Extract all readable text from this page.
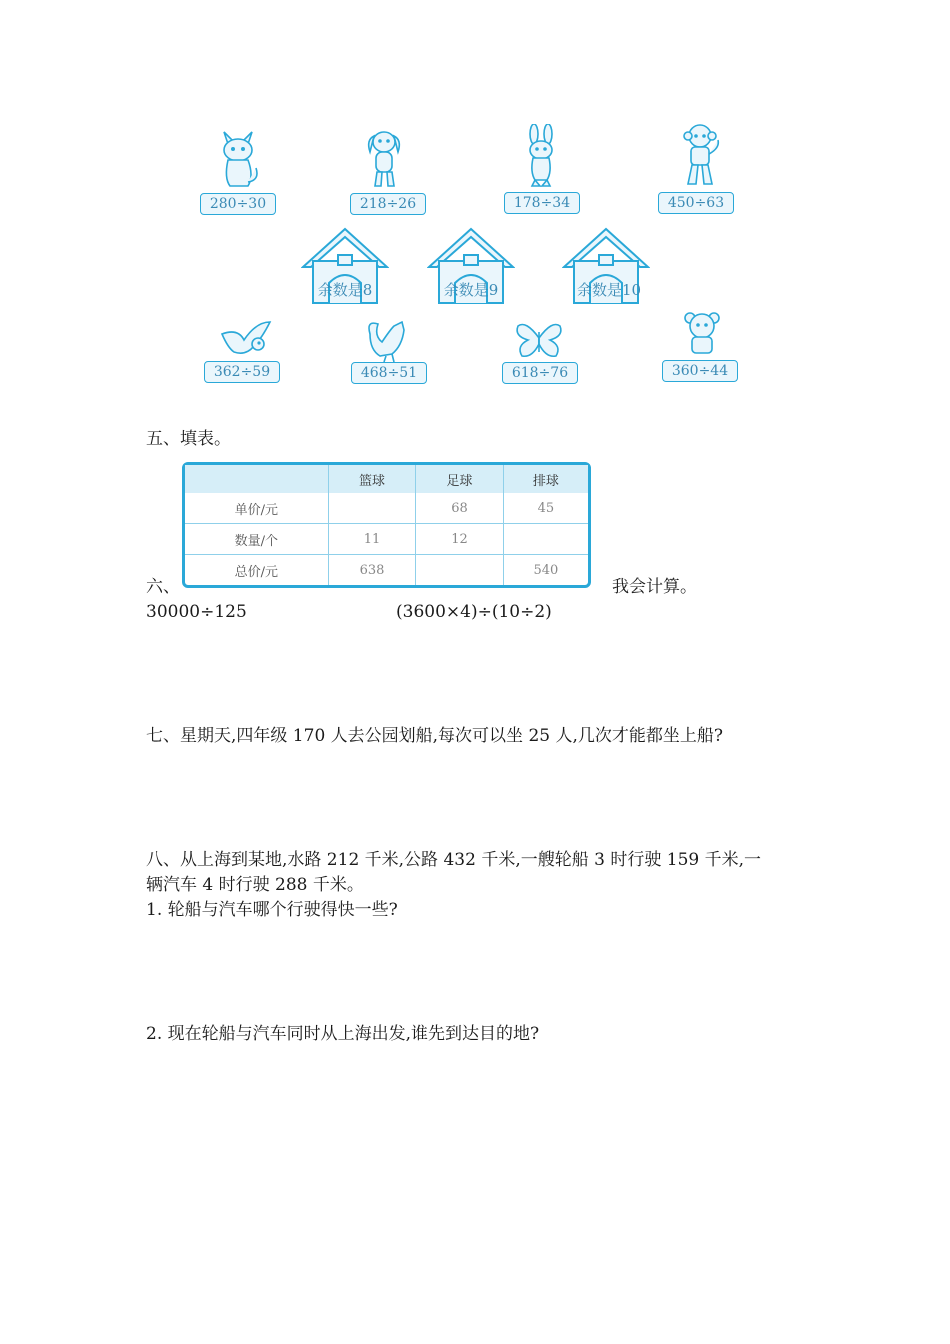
280÷30	218÷26	178÷34	450÷63
余数是8	余数是9	余数是10
362÷59	468÷51	618÷76	360÷44
五、填表。
	篮球	足球	排球
单价/元		68	45
数量/个	11	12	
总价/元	638		540
六、	我会计算。
30000÷125	(3600×4)÷(10÷2)
七、星期天,四年级 170 人去公园划船,每次可以坐 25 人,几次才能都坐上船?
八、从上海到某地,水路 212 千米,公路 432 千米,一艘轮船 3 时行驶 159 千米,一
辆汽车 4 时行驶 288 千米。
1. 轮船与汽车哪个行驶得快一些?
2. 现在轮船与汽车同时从上海出发,谁先到达目的地?
